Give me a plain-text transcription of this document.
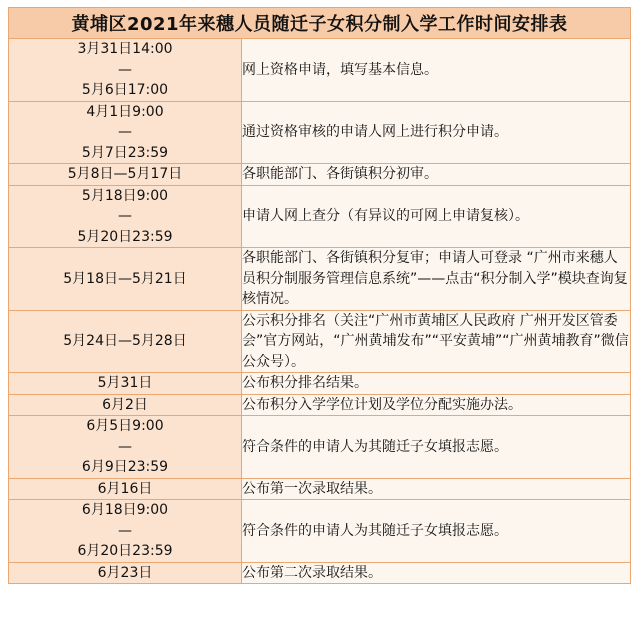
黄埔区2021年来穗人员随迁子女积分制入学工作时间安排表	

3月31日14:00
—
5月6日17:00	网上资格申请，填写基本信息。

4月1日9:00
—
5月7日23:59	通过资格审核的申请人网上进行积分申请。

5月8日—5月17日	各职能部门、各街镇积分初审。

5月18日9:00
—
5月20日23:59	申请人网上查分（有异议的可网上申请复核）。

5月18日—5月21日	各职能部门、各街镇积分复审；申请人可登录 “广州市来穗人员积分制服务管理信息系统”——点击“积分制入学”模块查询复核情况。

5月24日—5月28日	公示积分排名（关注“广州市黄埔区人民政府 广州开发区管委会”官方网站，“广州黄埔发布”“平安黄埔”“广州黄埔教育”微信公众号）。

5月31日	公布积分排名结果。

6月2日	公布积分入学学位计划及学位分配实施办法。

6月5日9:00
—
6月9日23:59	符合条件的申请人为其随迁子女填报志愿。

6月16日	公布第一次录取结果。

6月18日9:00
—
6月20日23:59	符合条件的申请人为其随迁子女填报志愿。

6月23日	公布第二次录取结果。
